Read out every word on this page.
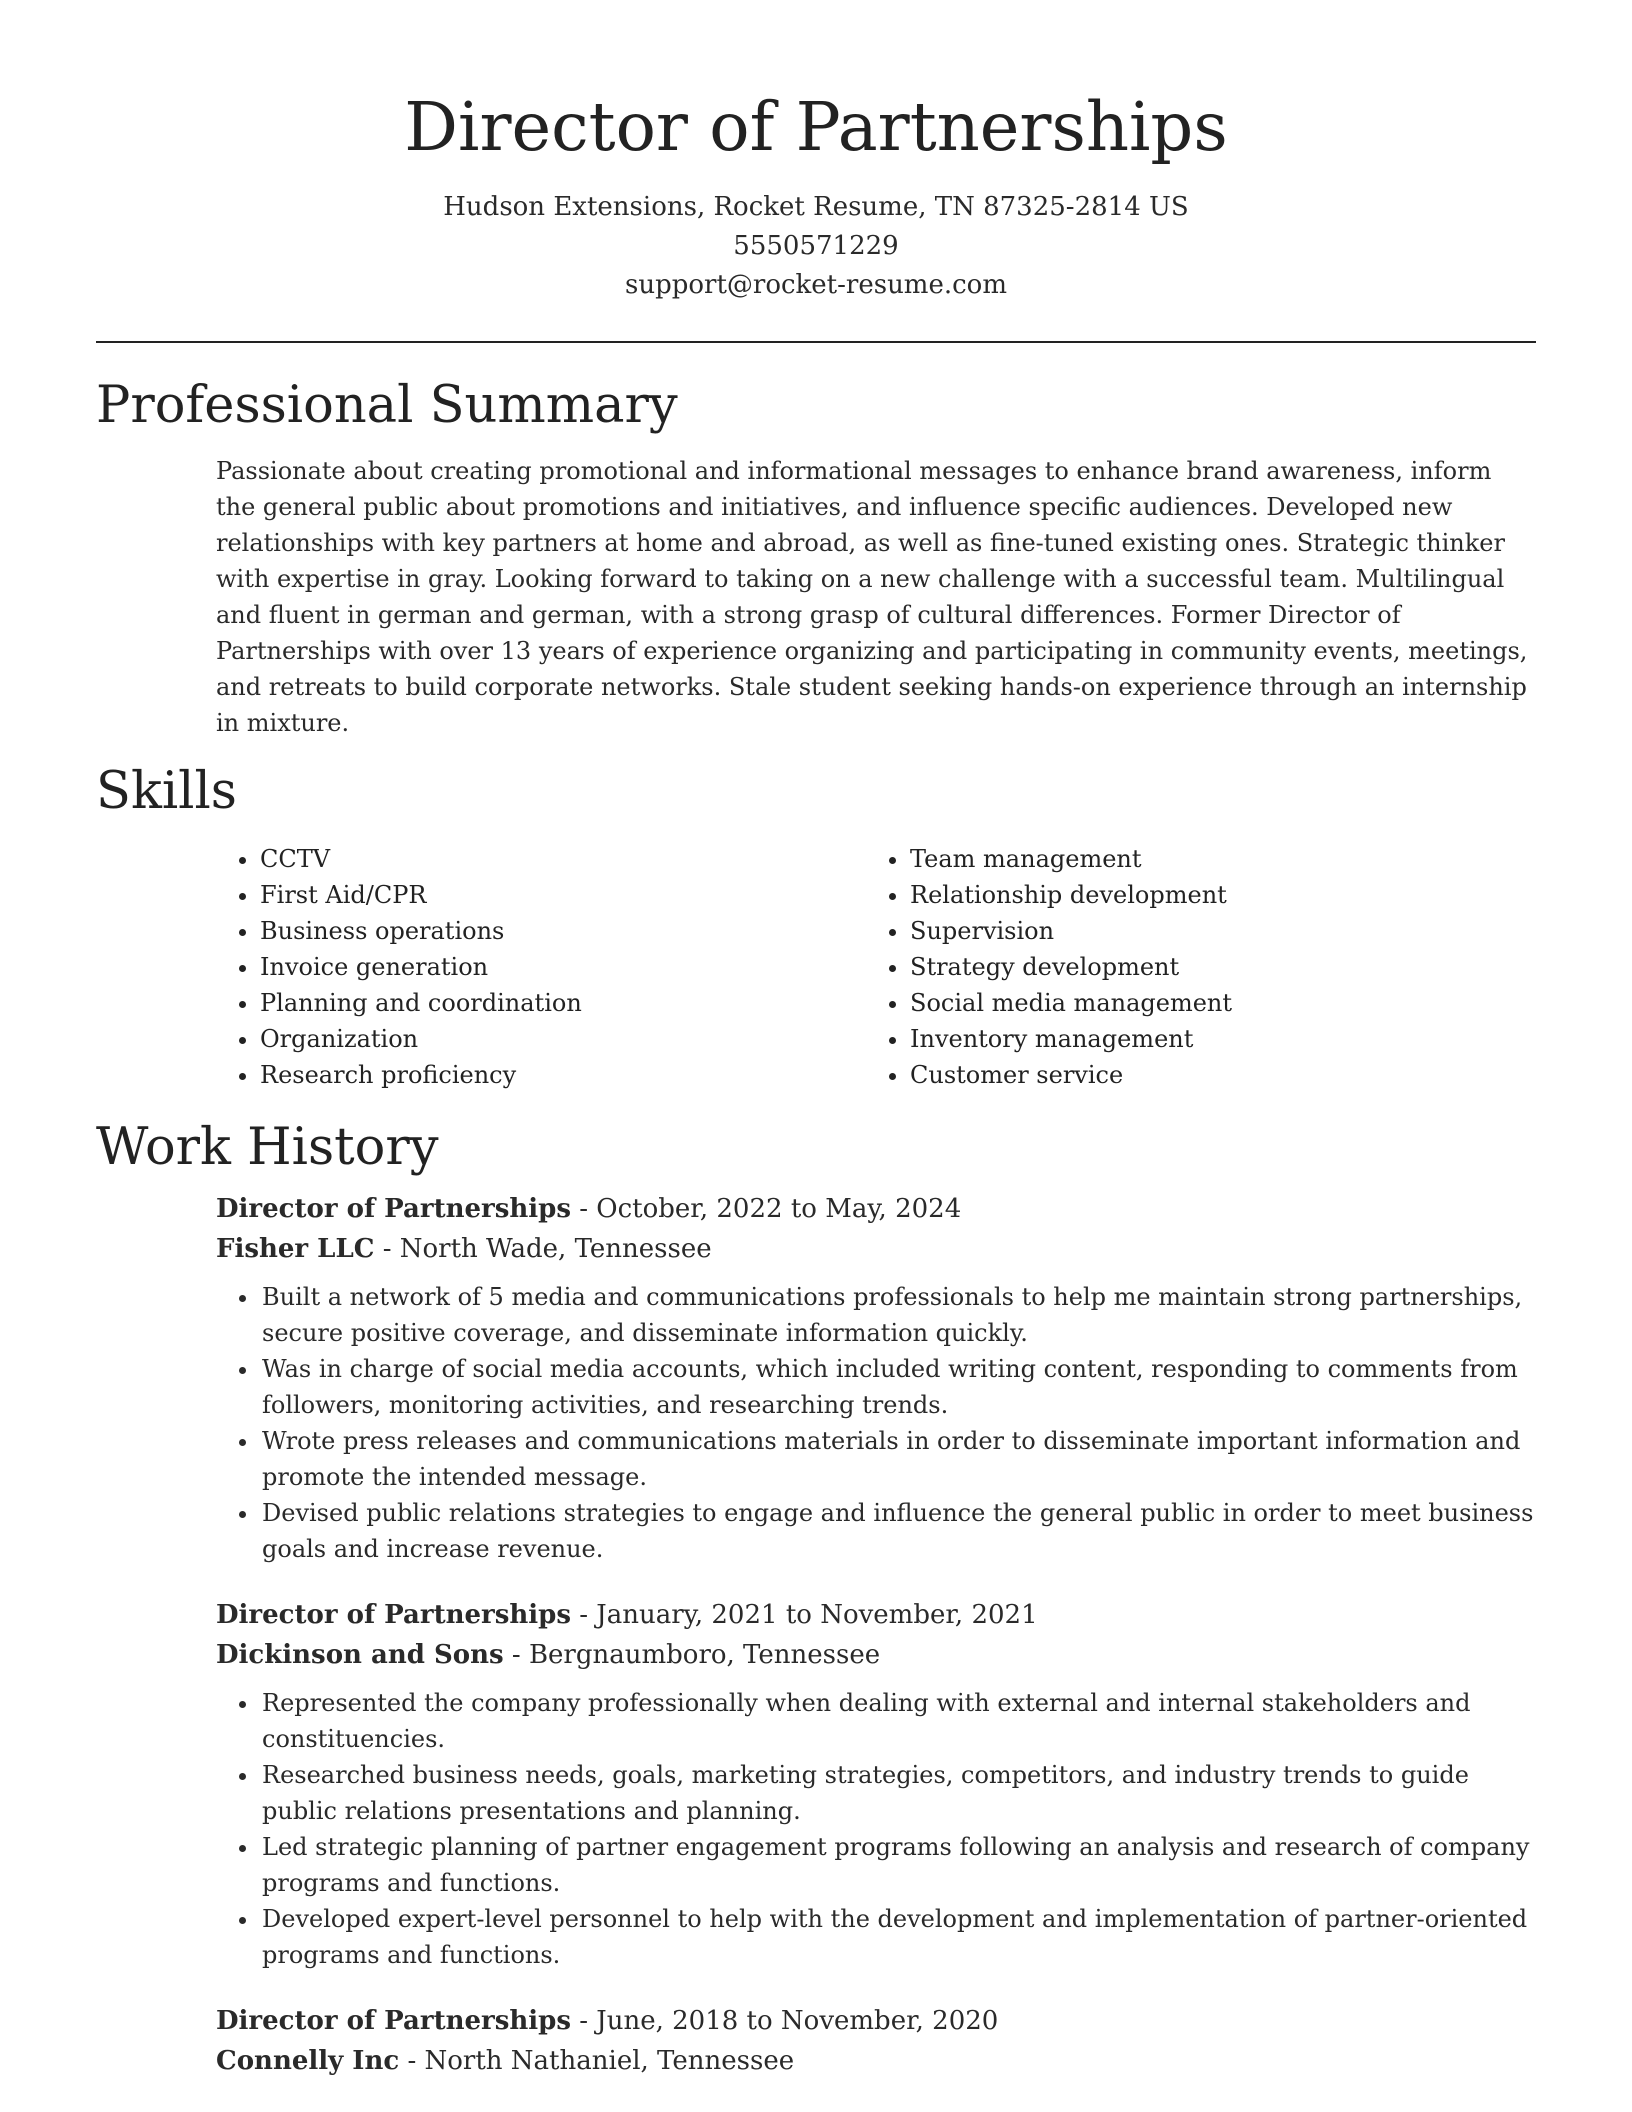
Director of Partnerships
Hudson Extensions, Rocket Resume, TN 87325-2814 US
5550571229
support@rocket-resume.com
Professional Summary

Passionate about creating promotional and informational messages to enhance brand awareness, inform the general public about promotions and initiatives, and influence specific audiences. Developed new relationships with key partners at home and abroad, as well as fine-tuned existing ones. Strategic thinker with expertise in gray. Looking forward to taking on a new challenge with a successful team. Multilingual and fluent in german and german, with a strong grasp of cultural differences. Former Director of Partnerships with over 13 years of experience organizing and participating in community events, meetings, and retreats to build corporate networks. Stale student seeking hands-on experience through an internship in mixture.

Skills
• CCTV
• First Aid/CPR
• Business operations
• Invoice generation
• Planning and coordination
• Organization
• Research proficiency
• Team management
• Relationship development
• Supervision
• Strategy development
• Social media management
• Inventory management
• Customer service
Work History
Director of Partnerships - October, 2022 to May, 2024
Fisher LLC - North Wade, Tennessee
• Built a network of 5 media and communications professionals to help me maintain strong partnerships, secure positive coverage, and disseminate information quickly.
• Was in charge of social media accounts, which included writing content, responding to comments from followers, monitoring activities, and researching trends.
• Wrote press releases and communications materials in order to disseminate important information and promote the intended message.
• Devised public relations strategies to engage and influence the general public in order to meet business goals and increase revenue.
Director of Partnerships - January, 2021 to November, 2021
Dickinson and Sons - Bergnaumboro, Tennessee
• Represented the company professionally when dealing with external and internal stakeholders and constituencies.
• Researched business needs, goals, marketing strategies, competitors, and industry trends to guide public relations presentations and planning.
• Led strategic planning of partner engagement programs following an analysis and research of company programs and functions.
• Developed expert-level personnel to help with the development and implementation of partner-oriented programs and functions.
Director of Partnerships - June, 2018 to November, 2020
Connelly Inc - North Nathaniel, Tennessee
